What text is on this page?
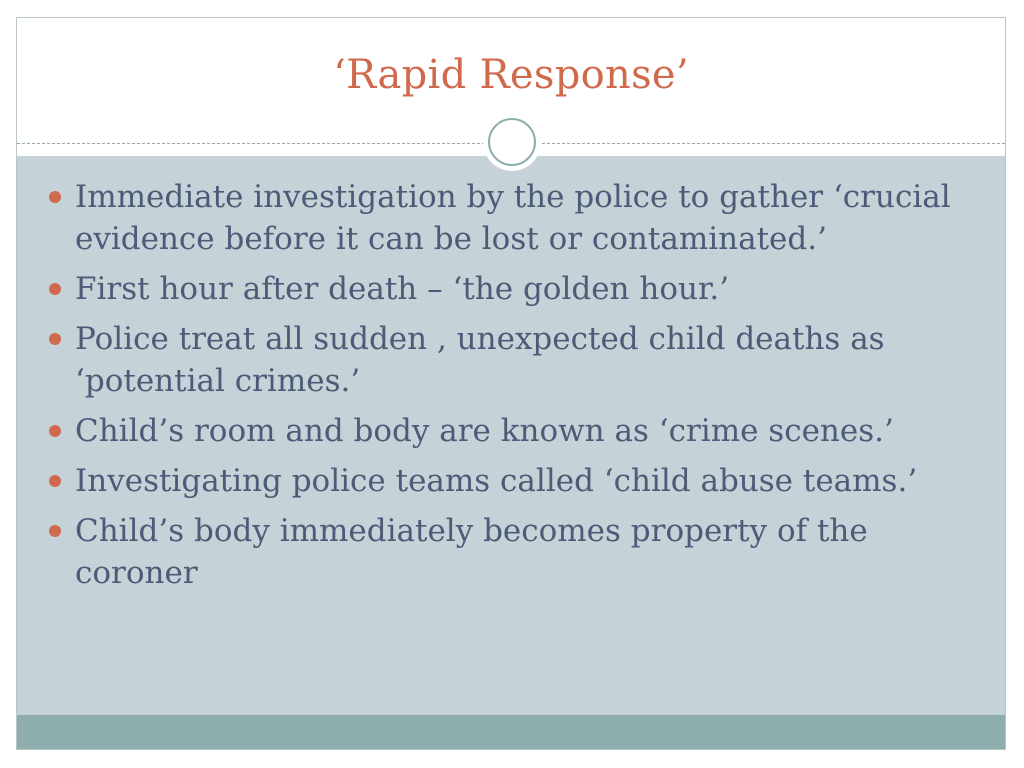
‘Rapid Response’
Immediate investigation by the police to gather ‘crucial evidence before it can be lost or contaminated.’
First hour after death – ‘the golden hour.’
Police treat all sudden , unexpected child deaths as ‘potential crimes.’
Child’s room and body are known as ‘crime scenes.’
Investigating police teams called ‘child abuse teams.’
Child’s body immediately becomes property of the coroner
